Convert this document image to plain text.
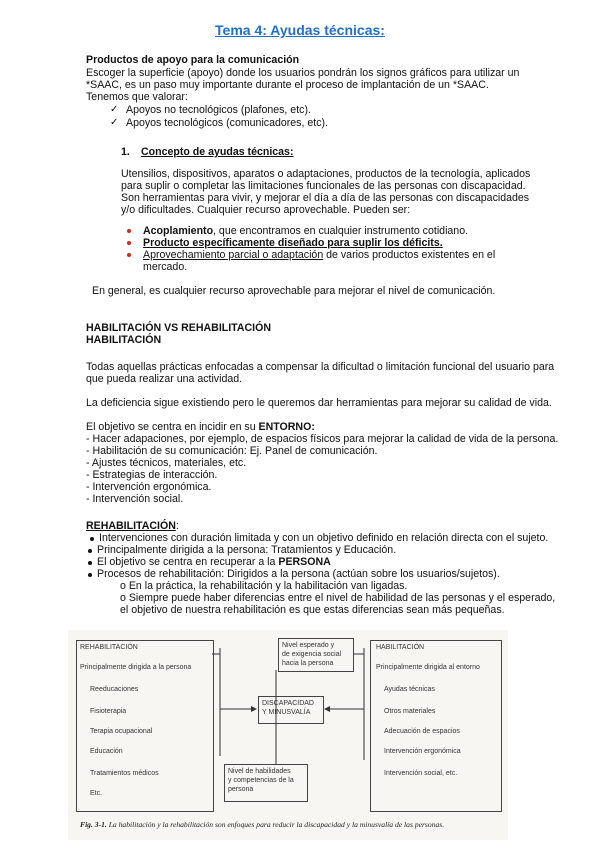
Tema 4: Ayudas técnicas:
Productos de apoyo para la comunicación
Escoger la superficie (apoyo) donde los usuarios pondrán los signos gráficos para utilizar un
*SAAC, es un paso muy importante durante el proceso de implantación de un *SAAC.
Tenemos que valorar:
✓ Apoyos no tecnológicos (plafones, etc).
✓ Apoyos tecnológicos (comunicadores, etc).
1. Concepto de ayudas técnicas:
Utensilios, dispositivos, aparatos o adaptaciones, productos de la tecnología, aplicados
para suplir o completar las limitaciones funcionales de las personas con discapacidad.
Son herramientas para vivir, y mejorar el día a día de las personas con discapacidades
y/o dificultades. Cualquier recurso aprovechable. Pueden ser:
Acoplamiento, que encontramos en cualquier instrumento cotidiano.
Producto específicamente diseñado para suplir los déficits.
Aprovechamiento parcial o adaptación de varios productos existentes en el
mercado.
En general, es cualquier recurso aprovechable para mejorar el nivel de comunicación.
HABILITACIÓN VS REHABILITACIÓN
HABILITACIÓN
Todas aquellas prácticas enfocadas a compensar la dificultad o limitación funcional del usuario para
que pueda realizar una actividad.
La deficiencia sigue existiendo pero le queremos dar herramientas para mejorar su calidad de vida.
El objetivo se centra en incidir en su ENTORNO:
- Hacer adapaciones, por ejemplo, de espacios físicos para mejorar la calidad de vida de la persona.
- Habilitación de su comunicación: Ej. Panel de comunicación.
- Ajustes técnicos, materiales, etc.
- Estrategias de interacción.
- Intervención ergonómica.
- Intervención social.
REHABILITACIÓN:
Intervenciones con duración limitada y con un objetivo definido en relación directa con el sujeto.
Principalmente dirigida a la persona: Tratamientos y Educación.
El objetivo se centra en recuperar a la PERSONA
Procesos de rehabilitación: Dirigidos a la persona (actúan sobre los usuarios/sujetos).
o En la práctica, la rehabilitación y la habilitación van ligadas.
o Siempre puede haber diferencias entre el nivel de habilidad de las personas y el esperado,
el objetivo de nuestra rehabilitación es que estas diferencias sean más pequeñas.
REHABILITACIÓN
Principalmente dirigida a la persona
Reeducaciones
Fisioterapia
Terapia ocupacional
Educación
Tratamientos médicos
Etc.
HABILITACIÓN
Principalmente dirigida al entorno
Ayudas técnicas
Otros materiales
Adecuación de espacios
Intervención ergonómica
Intervención social, etc.
Nivel esperado y
de exigencia social
hacia la persona
DISCAPACIDAD
Y MINUSVALÍA
Nivel de habilidades
y competencias de la
persona
Fig. 3-1. La habilitación y la rehabilitación son enfoques para reducir la discapacidad y la minusvalía de las personas.
